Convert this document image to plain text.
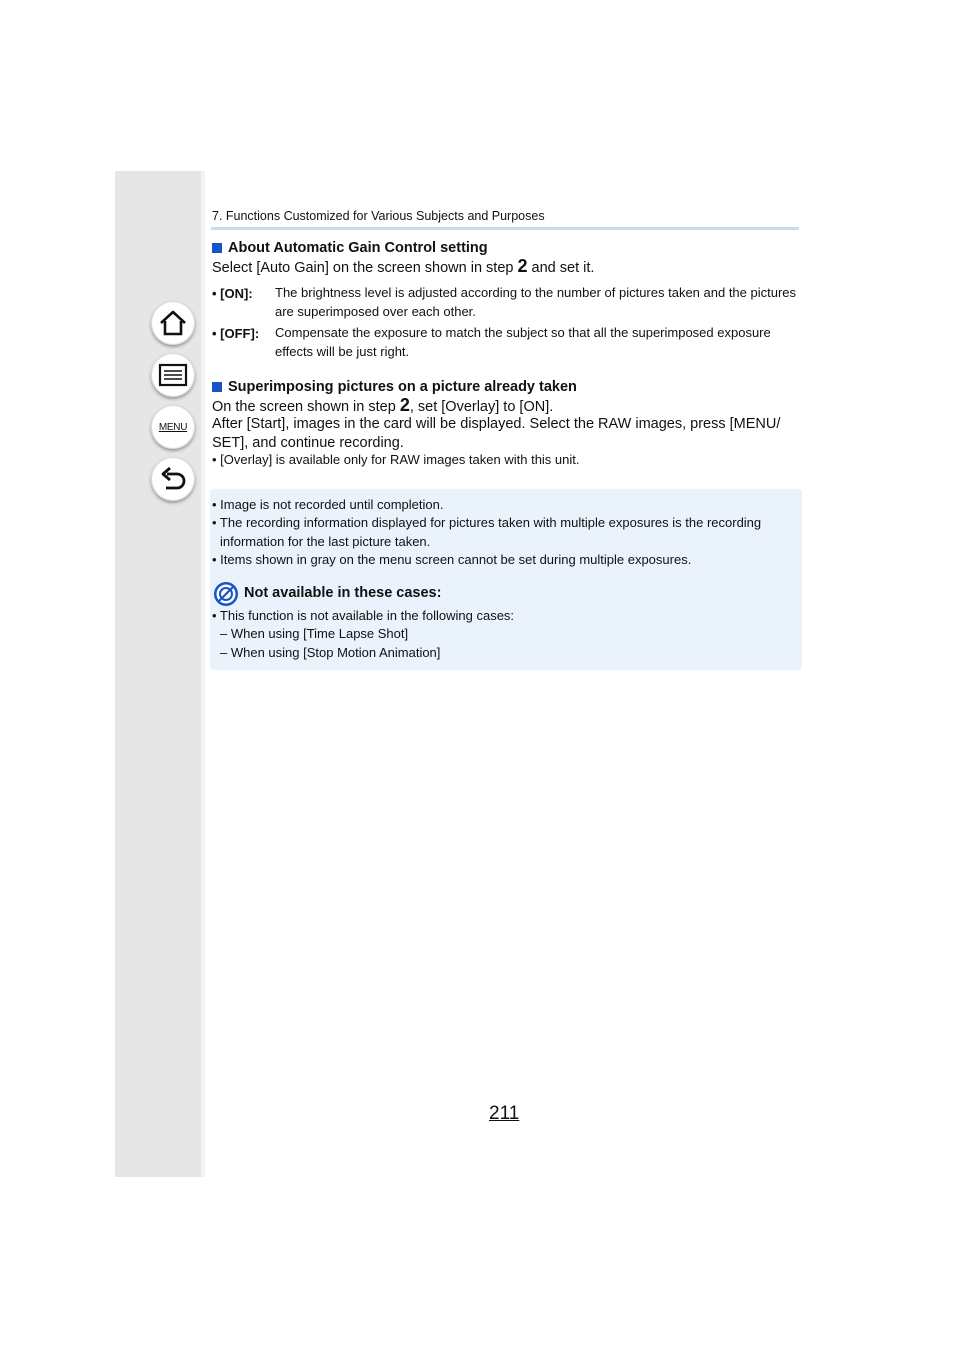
MENU
7. Functions Customized for Various Subjects and Purposes
About Automatic Gain Control setting
Select [Auto Gain] on the screen shown in step 2 and set it.
• [ON]: The brightness level is adjusted according to the number of pictures taken and the pictures are superimposed over each other.
• [OFF]: Compensate the exposure to match the subject so that all the superimposed exposure effects will be just right.
Superimposing pictures on a picture already taken
On the screen shown in step 2, set [Overlay] to [ON].
After [Start], images in the card will be displayed. Select the RAW images, press [MENU/
SET], and continue recording.
• [Overlay] is available only for RAW images taken with this unit.
• Image is not recorded until completion.
• The recording information displayed for pictures taken with multiple exposures is the recording
information for the last picture taken.
• Items shown in gray on the menu screen cannot be set during multiple exposures.
Not available in these cases:
• This function is not available in the following cases:
– When using [Time Lapse Shot]
– When using [Stop Motion Animation]
211
